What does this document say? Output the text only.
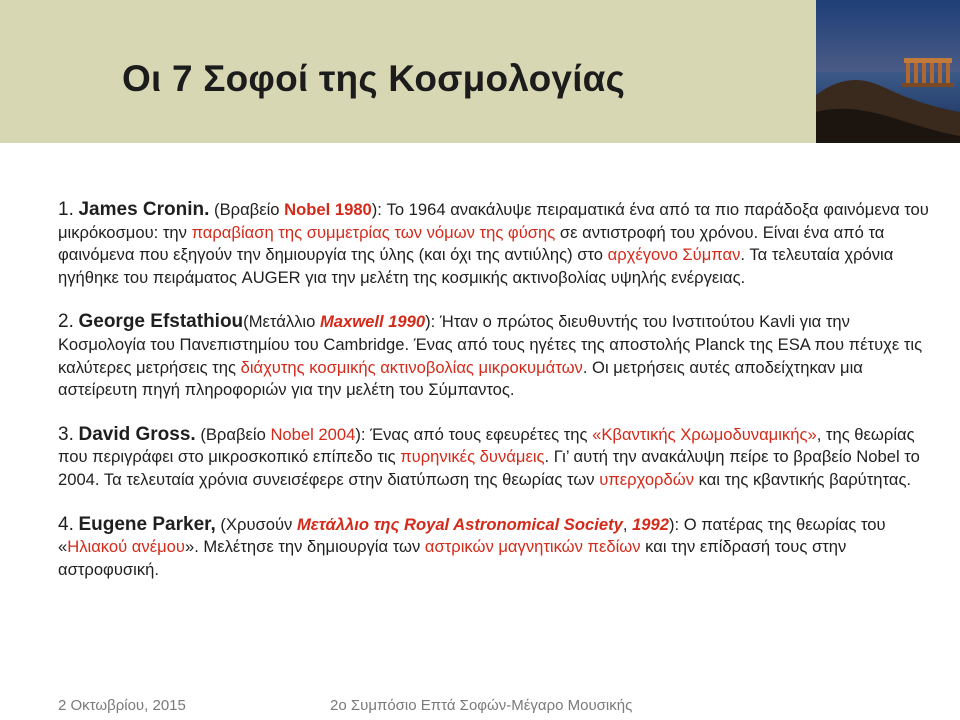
Οι 7 Σοφοί της Κοσμολογίας

1. James Cronin. (Βραβείο Nobel 1980): Το 1964 ανακάλυψε πειραματικά ένα από τα πιο παράδοξα φαινόμενα του μικρόκοσμου: την παραβίαση της συμμετρίας των νόμων της φύσης σε αντιστροφή του χρόνου. Είναι ένα από τα φαινόμενα που εξηγούν την δημιουργία της ύλης (και όχι της αντιύλης) στο αρχέγονο Σύμπαν. Τα τελευταία χρόνια ηγήθηκε του πειράματος AUGER για την μελέτη της κοσμικής ακτινοβολίας υψηλής ενέργειας.

2. George Efstathiou(Μετάλλιο Maxwell 1990): Ήταν ο πρώτος διευθυντής του Ινστιτούτου Kavli για την Κοσμολογία του Πανεπιστημίου του Cambridge. Ένας από τους ηγέτες της αποστολής Planck της ESA που πέτυχε τις καλύτερες μετρήσεις της διάχυτης κοσμικής ακτινοβολίας μικροκυμάτων. Οι μετρήσεις αυτές αποδείχτηκαν μια αστείρευτη πηγή πληροφοριών για την μελέτη του Σύμπαντος.

3. David Gross. (Βραβείο Nobel 2004): Ένας από τους εφευρέτες της «Κβαντικής Χρωμοδυναμικής», της θεωρίας που περιγράφει στο μικροσκοπικό επίπεδο τις πυρηνικές δυνάμεις. Γι’ αυτή την ανακάλυψη πείρε το βραβείο Nobel το 2004. Τα τελευταία χρόνια συνεισέφερε στην διατύπωση της θεωρίας των υπερχορδών και της κβαντικής βαρύτητας.

4. Eugene Parker, (Χρυσούν Μετάλλιο της Royal Astronomical Society, 1992): Ο πατέρας της θεωρίας του «Ηλιακού ανέμου». Μελέτησε την δημιουργία των αστρικών μαγνητικών πεδίων και την επίδρασή τους στην αστροφυσική.

2 Οκτωβρίου, 2015	2ο Συμπόσιο Επτά Σοφών-Μέγαρο Μουσικής
